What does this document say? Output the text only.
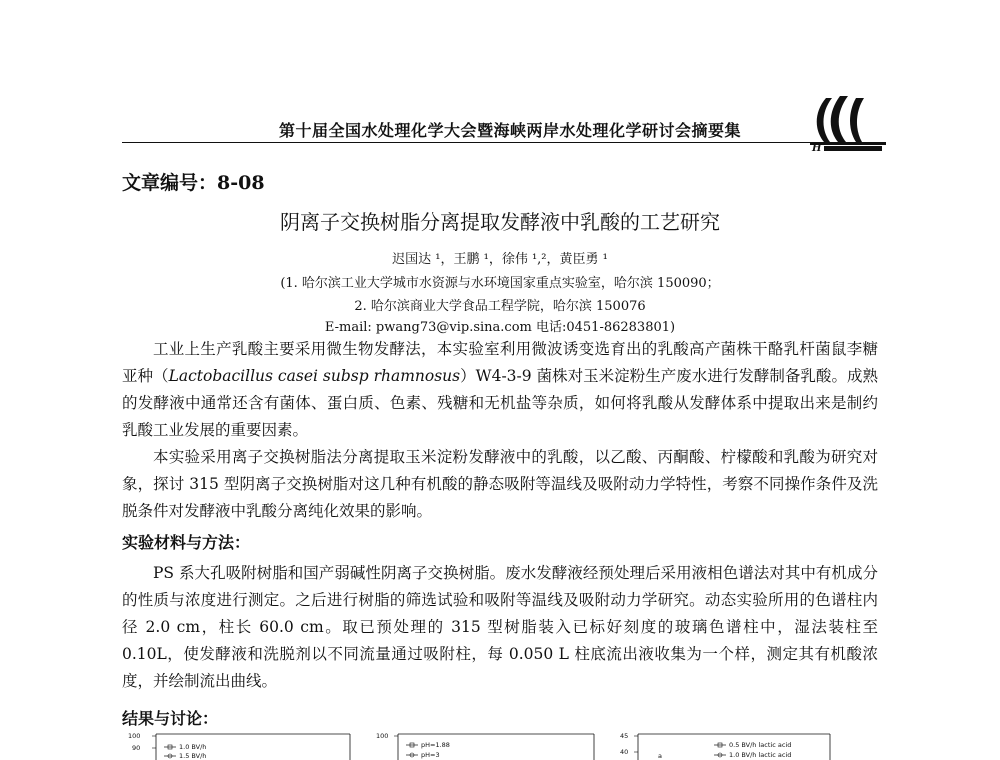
第十届全国水处理化学大会暨海峡两岸水处理化学研讨会摘要集
H
文章编号：8-08
阴离子交换树脂分离提取发酵液中乳酸的工艺研究
迟国达 ¹，王鹏 ¹，徐伟 ¹,²，黄臣勇 ¹
(1. 哈尔滨工业大学城市水资源与水环境国家重点实验室，哈尔滨 150090；
2. 哈尔滨商业大学食品工程学院，哈尔滨 150076
E-mail: pwang73@vip.sina.com 电话:0451-86283801)
工业上生产乳酸主要采用微生物发酵法，本实验室利用微波诱变选育出的乳酸高产菌株干酪乳杆菌鼠李糖亚种（Lactobacillus casei subsp rhamnosus）W4-3-9 菌株对玉米淀粉生产废水进行发酵制备乳酸。成熟的发酵液中通常还含有菌体、蛋白质、色素、残糖和无机盐等杂质，如何将乳酸从发酵体系中提取出来是制约乳酸工业发展的重要因素。
本实验采用离子交换树脂法分离提取玉米淀粉发酵液中的乳酸，以乙酸、丙酮酸、柠檬酸和乳酸为研究对象，探讨 315 型阴离子交换树脂对这几种有机酸的静态吸附等温线及吸附动力学特性，考察不同操作条件及洗脱条件对发酵液中乳酸分离纯化效果的影响。
实验材料与方法：
PS 系大孔吸附树脂和国产弱碱性阴离子交换树脂。废水发酵液经预处理后采用液相色谱法对其中有机成分的性质与浓度进行测定。之后进行树脂的筛选试验和吸附等温线及吸附动力学研究。动态实验所用的色谱柱内径 2.0 cm，柱长 60.0 cm。取已预处理的 315 型树脂装入已标好刻度的玻璃色谱柱中，湿法装柱至 0.10L，使发酵液和洗脱剂以不同流量通过吸附柱，每 0.050 L 柱底流出液收集为一个样，测定其有机酸浓度，并绘制流出曲线。
结果与讨论：
100
90	1.0 BV/h
1.5 BV/h
100
pH=1.88
pH=3
45
40	a
0.5 BV/h lactic acid
1.0 BV/h lactic acid
